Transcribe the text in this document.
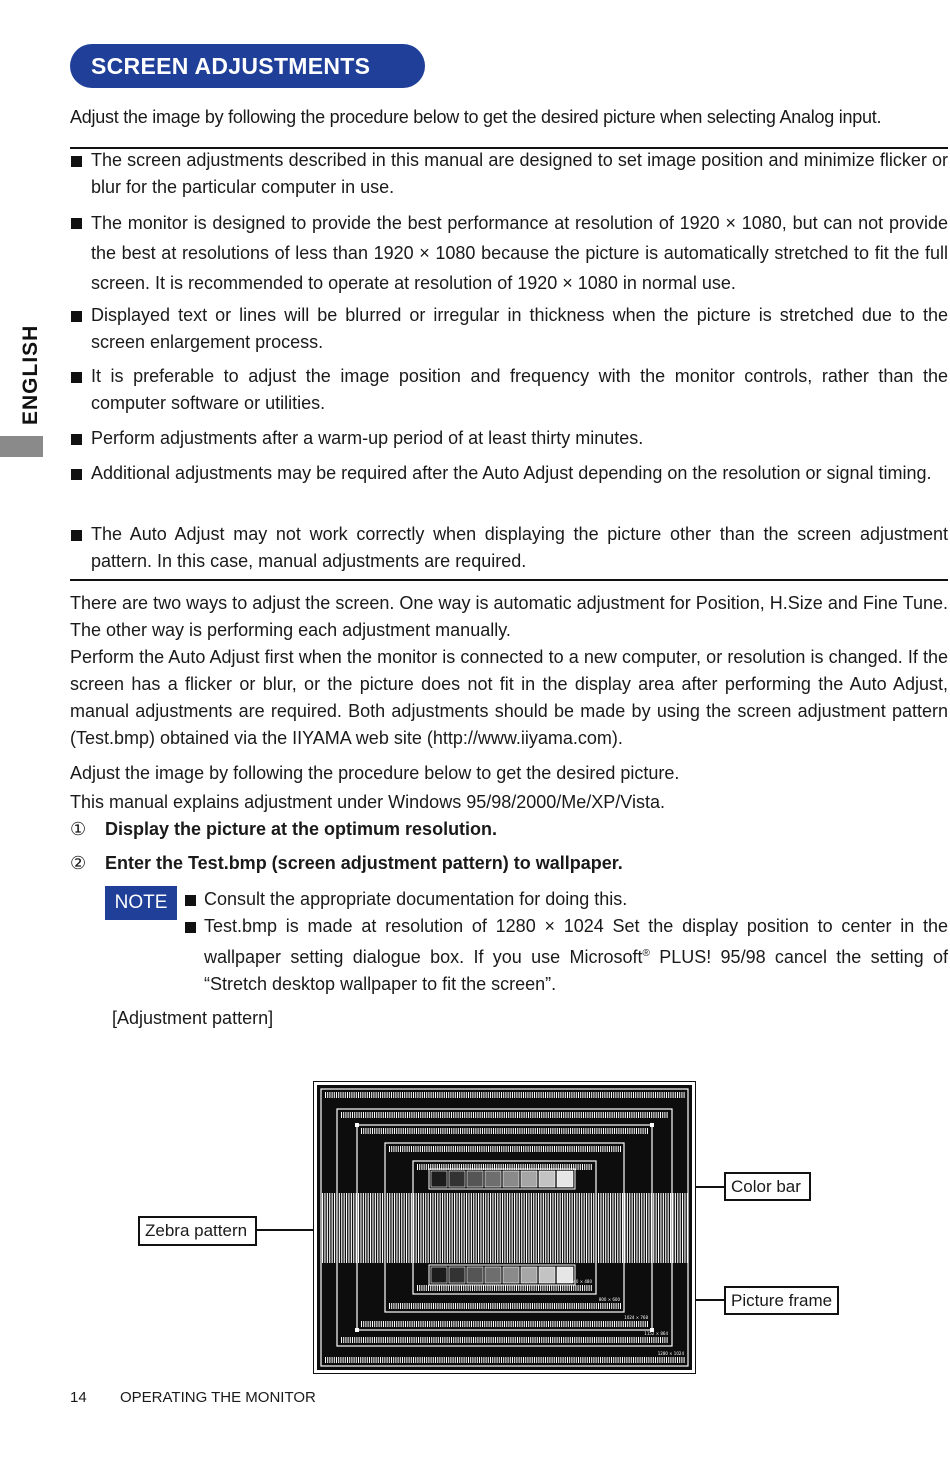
SCREEN ADJUSTMENTS
ENGLISH
Adjust the image by following the procedure below to get the desired picture when selecting Analog input.
The screen adjustments described in this manual are designed to set image position and minimize flicker or blur for the particular computer in use.
The monitor is designed to provide the best performance at resolution of 1920 × 1080, but can not provide the best at resolutions of less than 1920 × 1080 because the picture is automatically stretched to fit the full screen. It is recommended to operate at resolution of 1920 × 1080 in normal use.
Displayed text or lines will be blurred or irregular in thickness when the picture is stretched due to the screen enlargement process.
It is preferable to adjust the image position and frequency with the monitor controls, rather than the computer software or utilities.
Perform adjustments after a warm-up period of at least thirty minutes.
Additional adjustments may be required after the Auto Adjust depending on the resolution or signal timing.
The Auto Adjust may not work correctly when displaying the picture other than the screen adjustment pattern. In this case, manual adjustments are required.
There are two ways to adjust the screen. One way is automatic adjustment for Position, H.Size and Fine Tune. The other way is performing each adjustment manually.
Perform the Auto Adjust first when the monitor is connected to a new computer, or resolution is changed. If the screen has a flicker or blur, or the picture does not fit in the display area after performing the Auto Adjust, manual adjustments are required. Both adjustments should be made by using the screen adjustment pattern (Test.bmp) obtained via the IIYAMA web site (http://www.iiyama.com).
Adjust the image by following the procedure below to get the desired picture.
This manual explains adjustment under Windows 95/98/2000/Me/XP/Vista.
① Display the picture at the optimum resolution.
② Enter the Test.bmp (screen adjustment pattern) to wallpaper.
NOTE	Consult the appropriate documentation for doing this.
Test.bmp is made at resolution of 1280 × 1024 Set the display position to center in the wallpaper setting dialogue box. If you use Microsoft® PLUS! 95/98 cancel the setting of “Stretch desktop wallpaper to fit the screen”.
[Adjustment pattern]
1280 × 1024
1152 × 864
1024 × 768
800 × 600
640 × 480
Zebra pattern
Color bar
Picture frame
14 OPERATING THE MONITOR
